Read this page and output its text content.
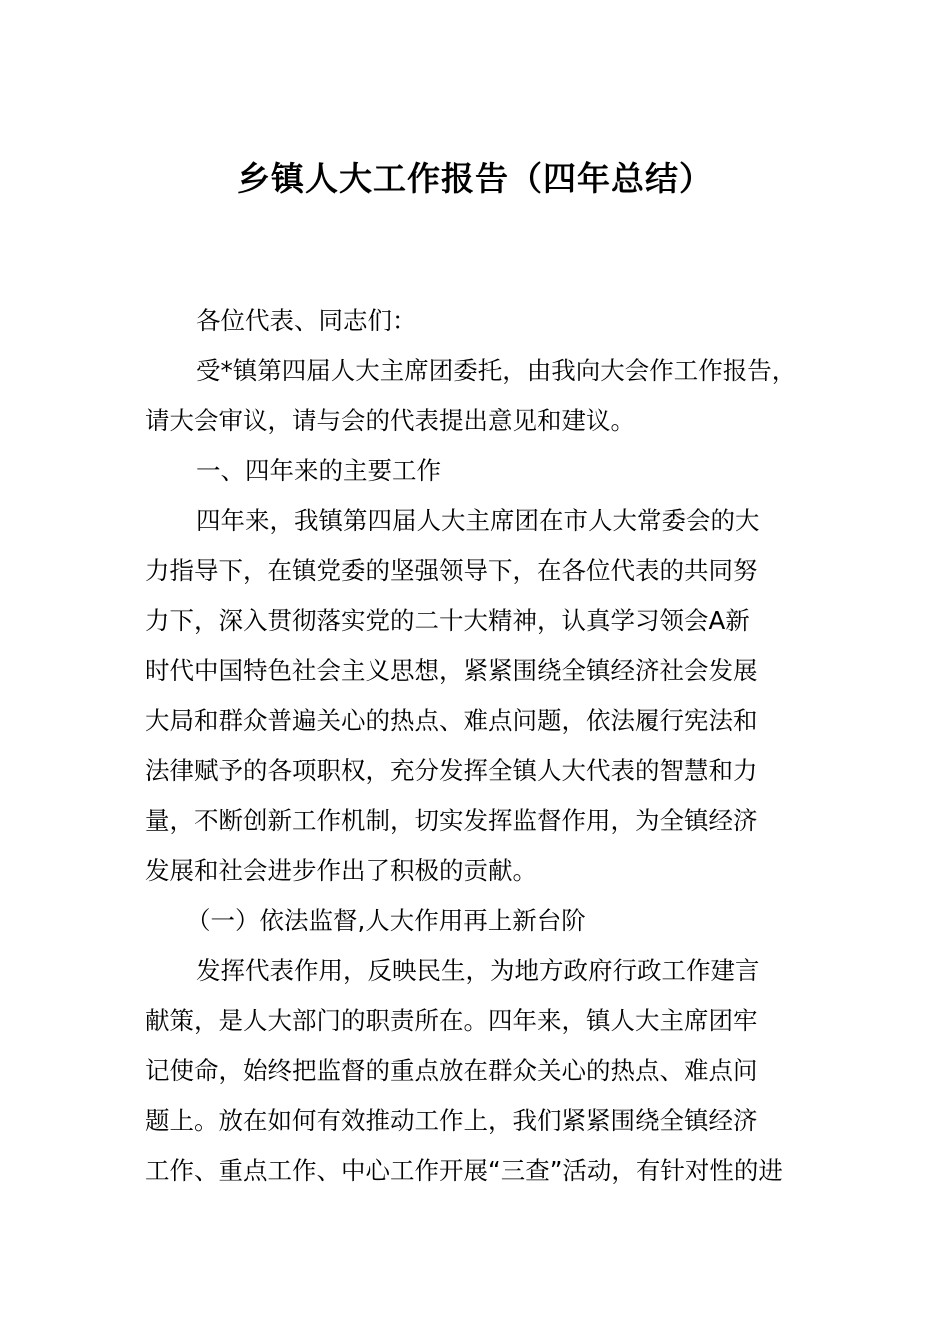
乡镇人大工作报告（四年总结）
各位代表、同志们：
受*镇第四届人大主席团委托，由我向大会作工作报告，
请大会审议，请与会的代表提出意见和建议。
一、四年来的主要工作
四年来，我镇第四届人大主席团在市人大常委会的大
力指导下，在镇党委的坚强领导下，在各位代表的共同努
力下，深入贯彻落实党的二十大精神，认真学习领会A新
时代中国特色社会主义思想，紧紧围绕全镇经济社会发展
大局和群众普遍关心的热点、难点问题，依法履行宪法和
法律赋予的各项职权，充分发挥全镇人大代表的智慧和力
量，不断创新工作机制，切实发挥监督作用，为全镇经济
发展和社会进步作出了积极的贡献。
（一）依法监督,人大作用再上新台阶
发挥代表作用，反映民生，为地方政府行政工作建言
献策，是人大部门的职责所在。四年来，镇人大主席团牢
记使命，始终把监督的重点放在群众关心的热点、难点问
题上。放在如何有效推动工作上，我们紧紧围绕全镇经济
工作、重点工作、中心工作开展“三查”活动，有针对性的进
